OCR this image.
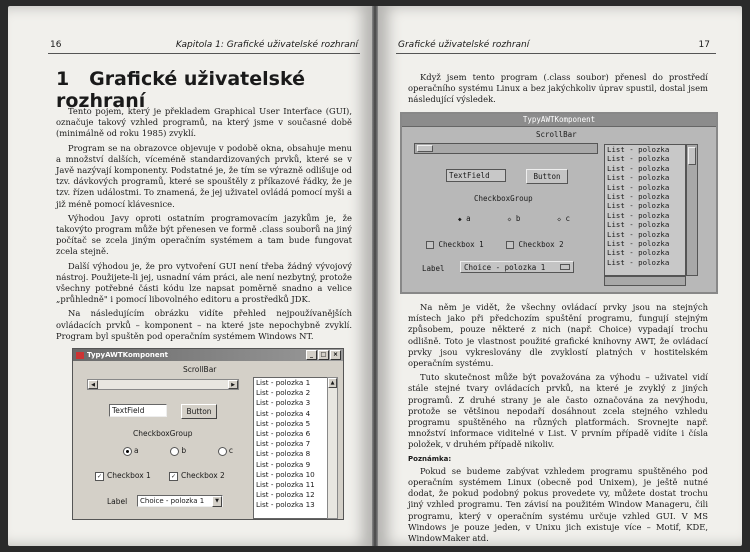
16	Kapitola 1: Grafické uživatelské rozhraní
1 Grafické uživatelské rozhraní

Tento pojem, který je překladem Graphical User Interface (GUI), označuje takový vzhled programů, na který jsme v současné době (minimálně od roku 1985) zvyklí.

Program se na obrazovce objevuje v podobě okna, obsahuje menu a množství dalších, víceméně standardizovaných prvků, které se v Javě nazývají komponenty. Podstatné je, že tím se výrazně odlišuje od tzv. dávkových programů, které se spouštěly z příkazové řádky, že je tzv. řízen událostmi. To znamená, že jej uživatel ovládá pomocí myši a již méně pomocí klávesnice.

Výhodou Javy oproti ostatním programovacím jazykům je, že takovýto program může být přenesen ve formě .class souborů na jiný počítač se zcela jiným operačním systémem a tam bude fungovat zcela stejně.

Další výhodou je, že pro vytvoření GUI není třeba žádný vývojový nástroj. Použijete-li jej, usnadní vám práci, ale není nezbytný, protože všechny potřebné části kódu lze napsat poměrně snadno a velice „průhledně" i pomocí libovolného editoru a prostředků JDK.

Na následujícím obrázku vidíte přehled nejpoužívanějších ovládacích prvků – komponent – na které jste nepochybně zvyklí. Program byl spuštěn pod operačním systémem Windows NT.

TypyAWTKomponent	_	□	×
ScrollBar
◀	▶
TextField	Button
CheckboxGroup
a	b	c
✓ Checkbox 1	✓ Checkbox 2
Label Choice - polozka 1	▼
List - polozka 1
List - polozka 2
List - polozka 3
List - polozka 4
List - polozka 5
List - polozka 6
List - polozka 7
List - polozka 8
List - polozka 9
List - polozka 10
List - polozka 11
List - polozka 12
List - polozka 13
▲
Grafické uživatelské rozhraní	17

Když jsem tento program (.class soubor) přenesl do prostředí operačního systému Linux a bez jakýchkoliv úprav spustil, dostal jsem následující výsledek.

TypyAWTKomponent
ScrollBar
TextField	Button
CheckboxGroup
◆ a	◇ b	◇ c
Checkbox 1	Checkbox 2
Label	Choice - polozka 1
List - polozka
List - polozka
List - polozka
List - polozka
List - polozka
List - polozka
List - polozka
List - polozka
List - polozka
List - polozka
List - polozka
List - polozka
List - polozka

Na něm je vidět, že všechny ovládací prvky jsou na stejných místech jako při předchozím spuštění programu, fungují stejným způsobem, pouze některé z nich (např. Choice) vypadají trochu odlišně. Toto je vlastnost použité grafické knihovny AWT, že ovládací prvky jsou vykreslovány dle zvyklostí platných v hostitelském operačním systému.

Tuto skutečnost může být považována za výhodu – uživatel vidí stále stejné tvary ovládacích prvků, na které je zvyklý z jiných programů. Z druhé strany je ale často označována za nevýhodu, protože se většinou nepodaří dosáhnout zcela stejného vzhledu programu spuštěného na různých platformách. Srovnejte např. množství informace viditelné v List. V prvním případě vidíte i čísla položek, v druhém případě nikoliv.

Poznámka:

Pokud se budeme zabývat vzhledem programu spuštěného pod operačním systémem Linux (obecně pod Unixem), je ještě nutné dodat, že pokud podobný pokus provedete vy, můžete dostat trochu jiný vzhled programu. Ten závisí na použitém Window Manageru, čili programu, který v operačním systému určuje vzhled GUI. V MS Windows je pouze jeden, v Unixu jich existuje více – Motif, KDE, WindowMaker atd.
